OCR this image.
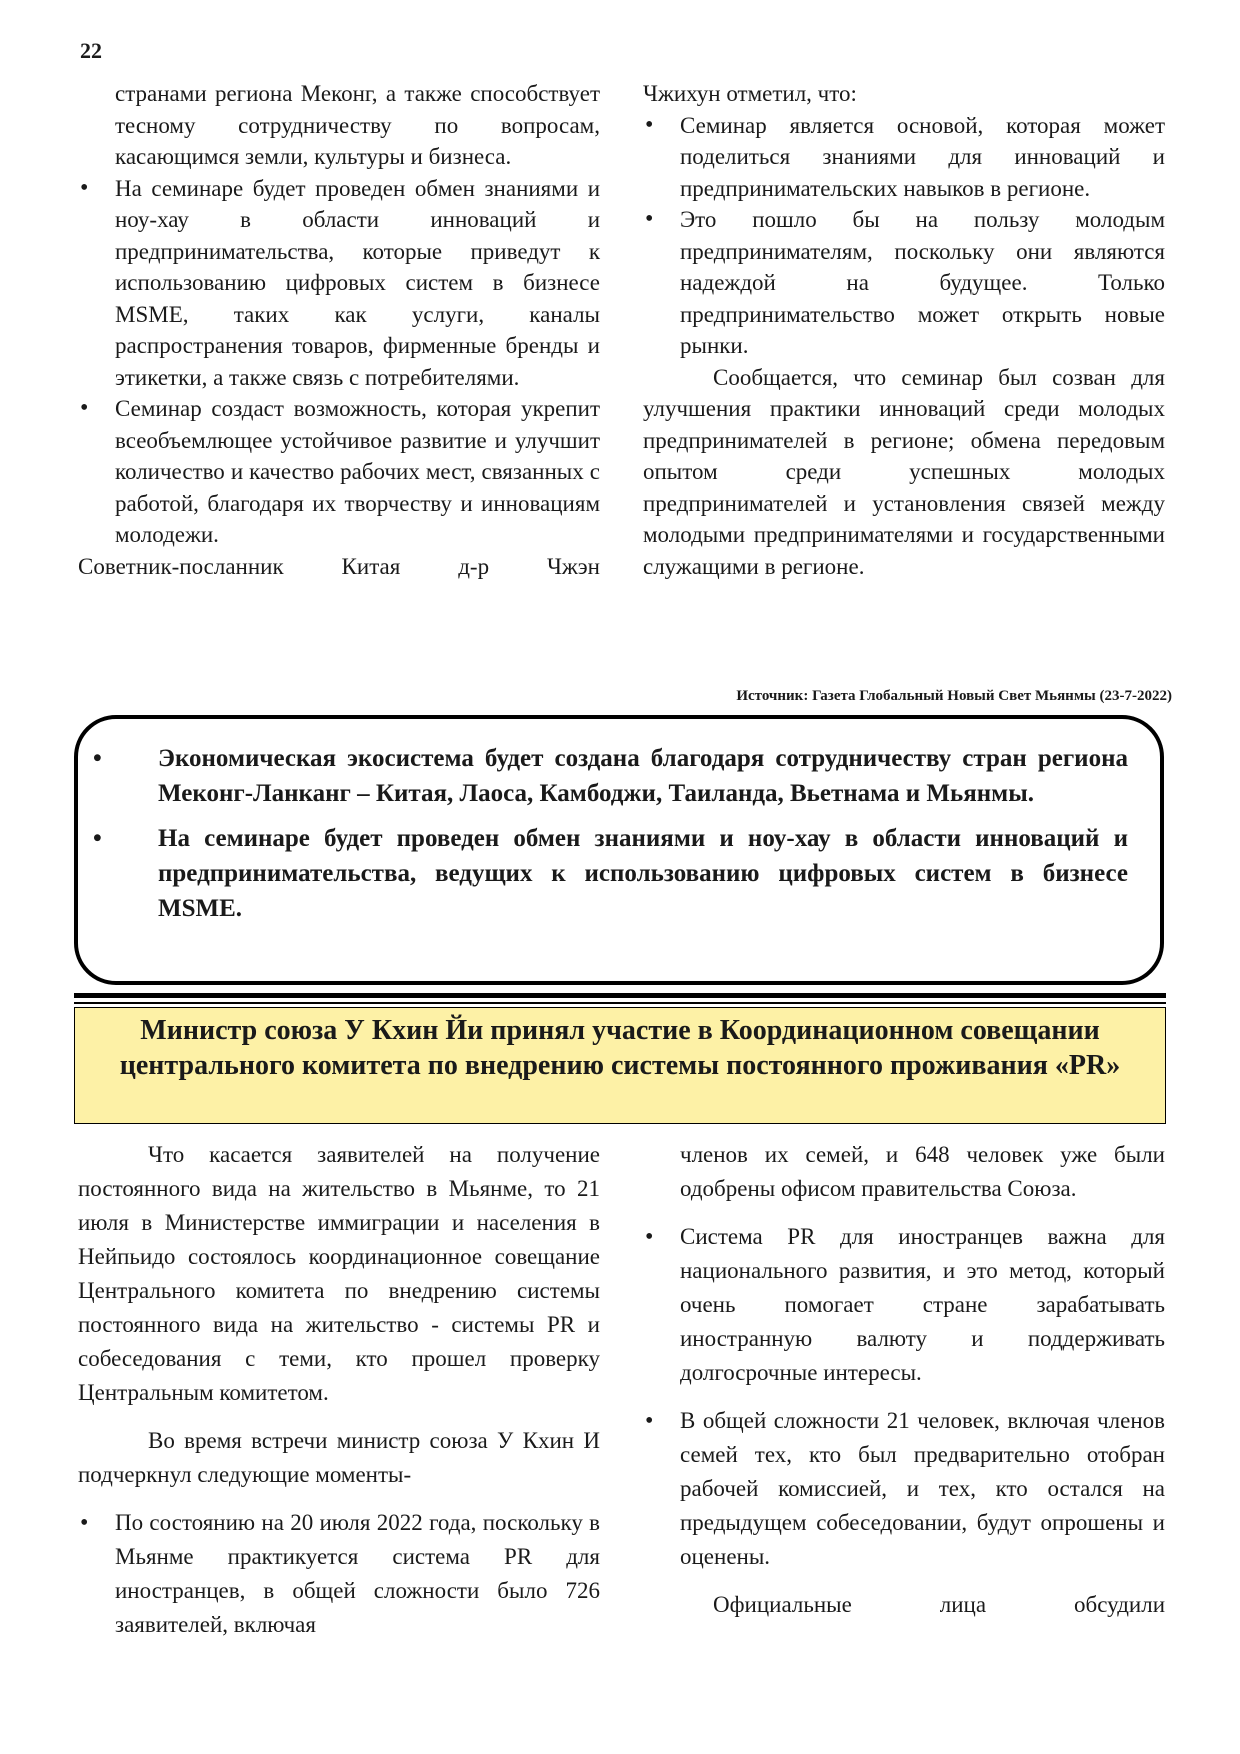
22

странами региона Меконг, а также способствует тесному сотрудничеству по вопросам, касающимся земли, культуры и бизнеса.

• На семинаре будет проведен обмен знаниями и ноу-хау в области инноваций и предпринимательства, которые приведут к использованию цифровых систем в бизнесе MSME, таких как услуги, каналы распространения товаров, фирменные бренды и этикетки, а также связь с потребителями.
• Семинар создаст возможность, которая укрепит всеобъемлющее устойчивое развитие и улучшит количество и качество рабочих мест, связанных с работой, благодаря их творчеству и инновациям молодежи.

Советник-посланник Китая д-р Чжэн

Чжихун отметил, что:

• Семинар является основой, которая может поделиться знаниями для инноваций и предпринимательских навыков в регионе.
• Это пошло бы на пользу молодым предпринимателям, поскольку они являются надеждой на будущее. Только предпринимательство может открыть новые рынки.

Сообщается, что семинар был созван для улучшения практики инноваций среди молодых предпринимателей в регионе; обмена передовым опытом среди успешных молодых предпринимателей и установления связей между молодыми предпринимателями и государственными служащими в регионе.

Источник: Газета Глобальный Новый Свет Мьянмы (23-7-2022)
• Экономическая экосистема будет создана благодаря сотрудничеству стран региона Меконг-Ланканг – Китая, Лаоса, Камбоджи, Таиланда, Вьетнама и Мьянмы.
• На семинаре будет проведен обмен знаниями и ноу-хау в области инноваций и предпринимательства, ведущих к использованию цифровых систем в бизнесе MSME.
Министр союза У Кхин Йи принял участие в Координационном совещании центрального комитета по внедрению системы постоянного проживания «PR»

Что касается заявителей на получение постоянного вида на жительство в Мьянме, то 21 июля в Министерстве иммиграции и населения в Нейпьидо состоялось координационное совещание Центрального комитета по внедрению системы постоянного вида на жительство - системы PR и собеседования с теми, кто прошел проверку Центральным комитетом.

Во время встречи министр союза У Кхин И подчеркнул следующие моменты-

• По состоянию на 20 июля 2022 года, поскольку в Мьянме практикуется система PR для иностранцев, в общей сложности было 726 заявителей, включая

членов их семей, и 648 человек уже были одобрены офисом правительства Союза.

• Система PR для иностранцев важна для национального развития, и это метод, который очень помогает стране зарабатывать иностранную валюту и поддерживать долгосрочные интересы.
• В общей сложности 21 человек, включая членов семей тех, кто был предварительно отобран рабочей комиссией, и тех, кто остался на предыдущем собеседовании, будут опрошены и оценены.

Официальные лица обсудили
